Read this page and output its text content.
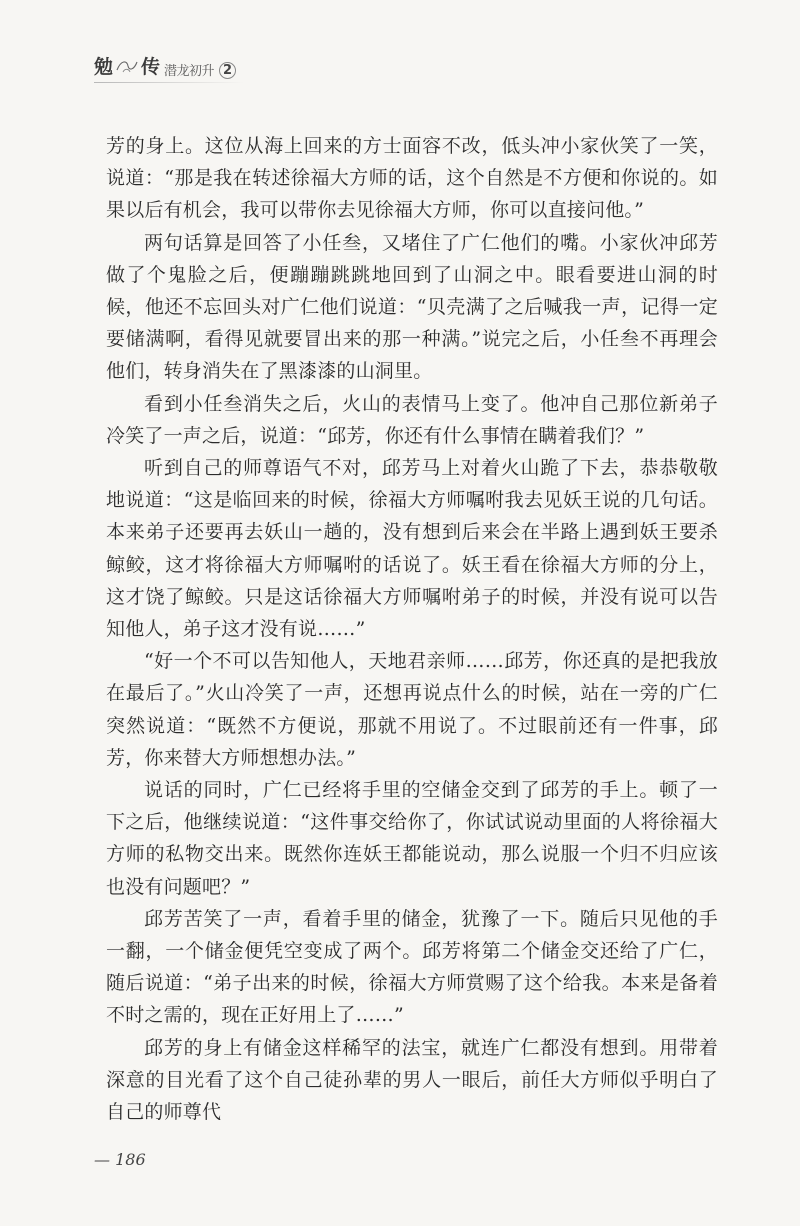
勉 传 潜龙初升 2

芳的身上。这位从海上回来的方士面容不改，低头冲小家伙笑了一笑，说道：“那是我在转述徐福大方师的话，这个自然是不方便和你说的。如果以后有机会，我可以带你去见徐福大方师，你可以直接问他。”

两句话算是回答了小任叁，又堵住了广仁他们的嘴。小家伙冲邱芳做了个鬼脸之后，便蹦蹦跳跳地回到了山洞之中。眼看要进山洞的时候，他还不忘回头对广仁他们说道：“贝壳满了之后喊我一声，记得一定要储满啊，看得见就要冒出来的那一种满。”说完之后，小任叁不再理会他们，转身消失在了黑漆漆的山洞里。

看到小任叁消失之后，火山的表情马上变了。他冲自己那位新弟子冷笑了一声之后，说道：“邱芳，你还有什么事情在瞒着我们？”

听到自己的师尊语气不对，邱芳马上对着火山跪了下去，恭恭敬敬地说道：“这是临回来的时候，徐福大方师嘱咐我去见妖王说的几句话。本来弟子还要再去妖山一趟的，没有想到后来会在半路上遇到妖王要杀鲸鲛，这才将徐福大方师嘱咐的话说了。妖王看在徐福大方师的分上，这才饶了鲸鲛。只是这话徐福大方师嘱咐弟子的时候，并没有说可以告知他人，弟子这才没有说……”

“好一个不可以告知他人，天地君亲师……邱芳，你还真的是把我放在最后了。”火山冷笑了一声，还想再说点什么的时候，站在一旁的广仁突然说道：“既然不方便说，那就不用说了。不过眼前还有一件事，邱芳，你来替大方师想想办法。”

说话的同时，广仁已经将手里的空储金交到了邱芳的手上。顿了一下之后，他继续说道：“这件事交给你了，你试试说动里面的人将徐福大方师的私物交出来。既然你连妖王都能说动，那么说服一个归不归应该也没有问题吧？”

邱芳苦笑了一声，看着手里的储金，犹豫了一下。随后只见他的手一翻，一个储金便凭空变成了两个。邱芳将第二个储金交还给了广仁，随后说道：“弟子出来的时候，徐福大方师赏赐了这个给我。本来是备着不时之需的，现在正好用上了……”

邱芳的身上有储金这样稀罕的法宝，就连广仁都没有想到。用带着深意的目光看了这个自己徒孙辈的男人一眼后，前任大方师似乎明白了自己的师尊代

— 186
